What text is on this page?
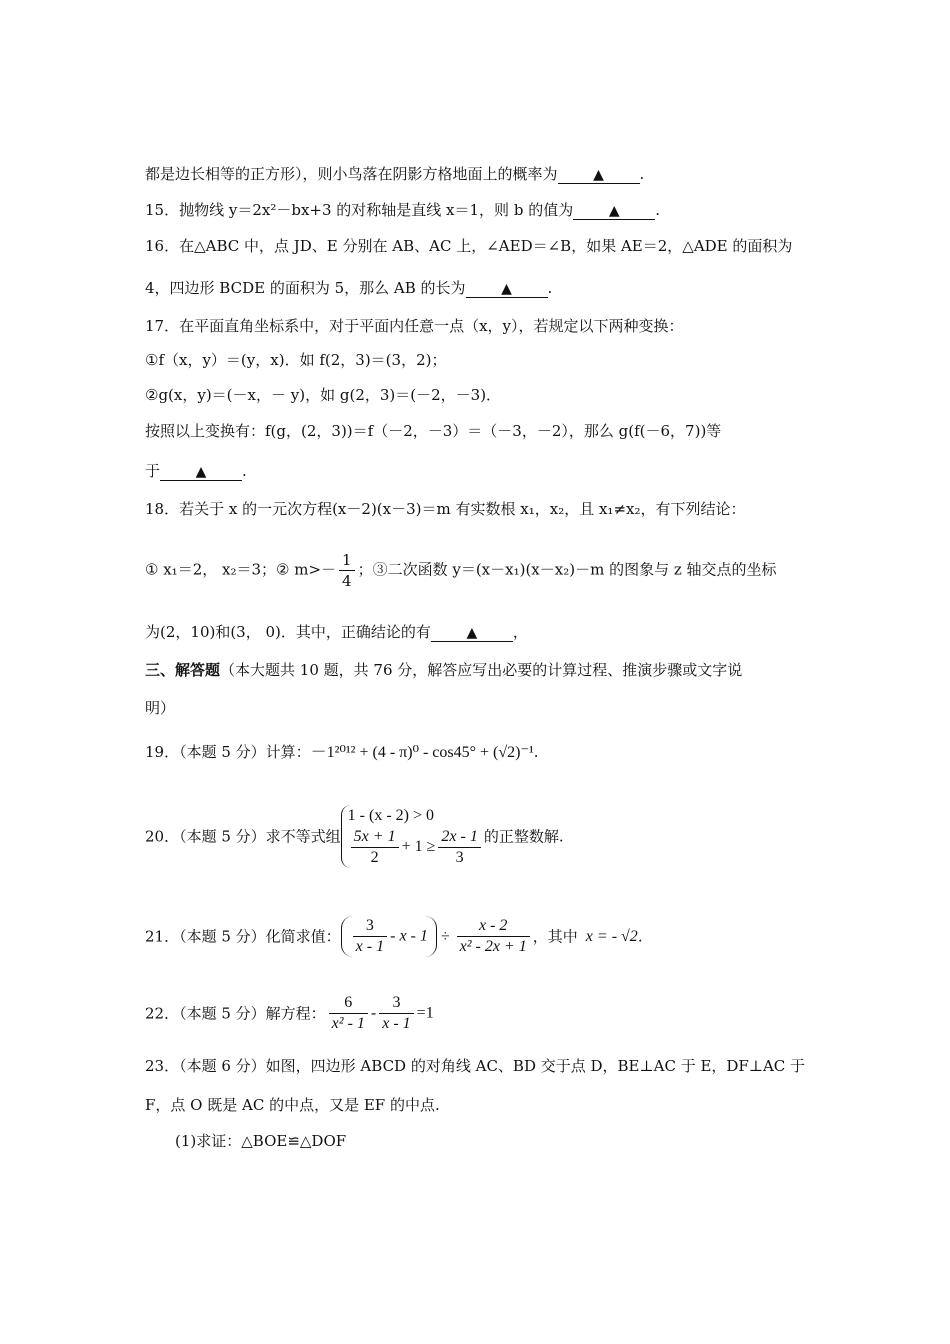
都是边长相等的正方形），则小鸟落在阴影方格地面上的概率为	▲ .
15．抛物线 y＝2x²－bx+3 的对称轴是直线 x＝1，则 b 的值为	▲ .
16．在△ABC 中，点 JD、E 分别在 AB、AC 上，∠AED＝∠B，如果 AE＝2，△ADE 的面积为
4，四边形 BCDE 的面积为 5，那么 AB 的长为	▲ .
17．在平面直角坐标系中，对于平面内任意一点（x，y），若规定以下两种变换：
①f（x，y）＝(y，x)．如 f(2，3)＝(3，2)；
②g(x，y)＝(－x，－ y)，如 g(2，3)＝(－2，－3)．
按照以上变换有：f(g，(2，3))＝f（－2，－3）＝（－3，－2），那么 g(f(－6，7))等
于	▲ .
18．若关于 x 的一元次方程(x－2)(x－3)＝m 有实数根 x₁，x₂，且 x₁≠x₂，有下列结论：
① x₁＝2， x₂＝3；② $m>- \frac{1}{4}$ ；③二次函数 y＝(x－x₁)(x－x₂)－m 的图象与 z 轴交点的坐标
为(2，10)和(3， 0)．其中，正确结论的有	▲ ，
三、解答题（本大题共 10 题，共 76 分，解答应写出必要的计算过程、推演步骤或文字说
明）
19．（本题 5 分）计算：－1²⁰¹² + (4 - π)⁰ - cos45° + (√2)⁻¹.
20．（本题 5 分）求不等式组
1 - (x - 2) > 0
$\frac{5x + 1}{2} + 1 \ge \frac{2x - 1}{3}$ 的正整数解.
21．（本题 5 分）化简求值： $\frac{3}{x - 1} - x - 1 \div \frac{x - 2}{\text{x² - 2x + 1}}$ ，其中 x = - √2.
22．（本题 5 分）解方程： $\frac{6}{\text{x² - 1}} - \frac{3}{x - 1} =1$
23．（本题 6 分）如图，四边形 ABCD 的对角线 AC、BD 交于点 D，BE⊥AC 于 E，DF⊥AC 于
F，点 O 既是 AC 的中点，又是 EF 的中点.
(1)求证：△BOE≌△DOF
